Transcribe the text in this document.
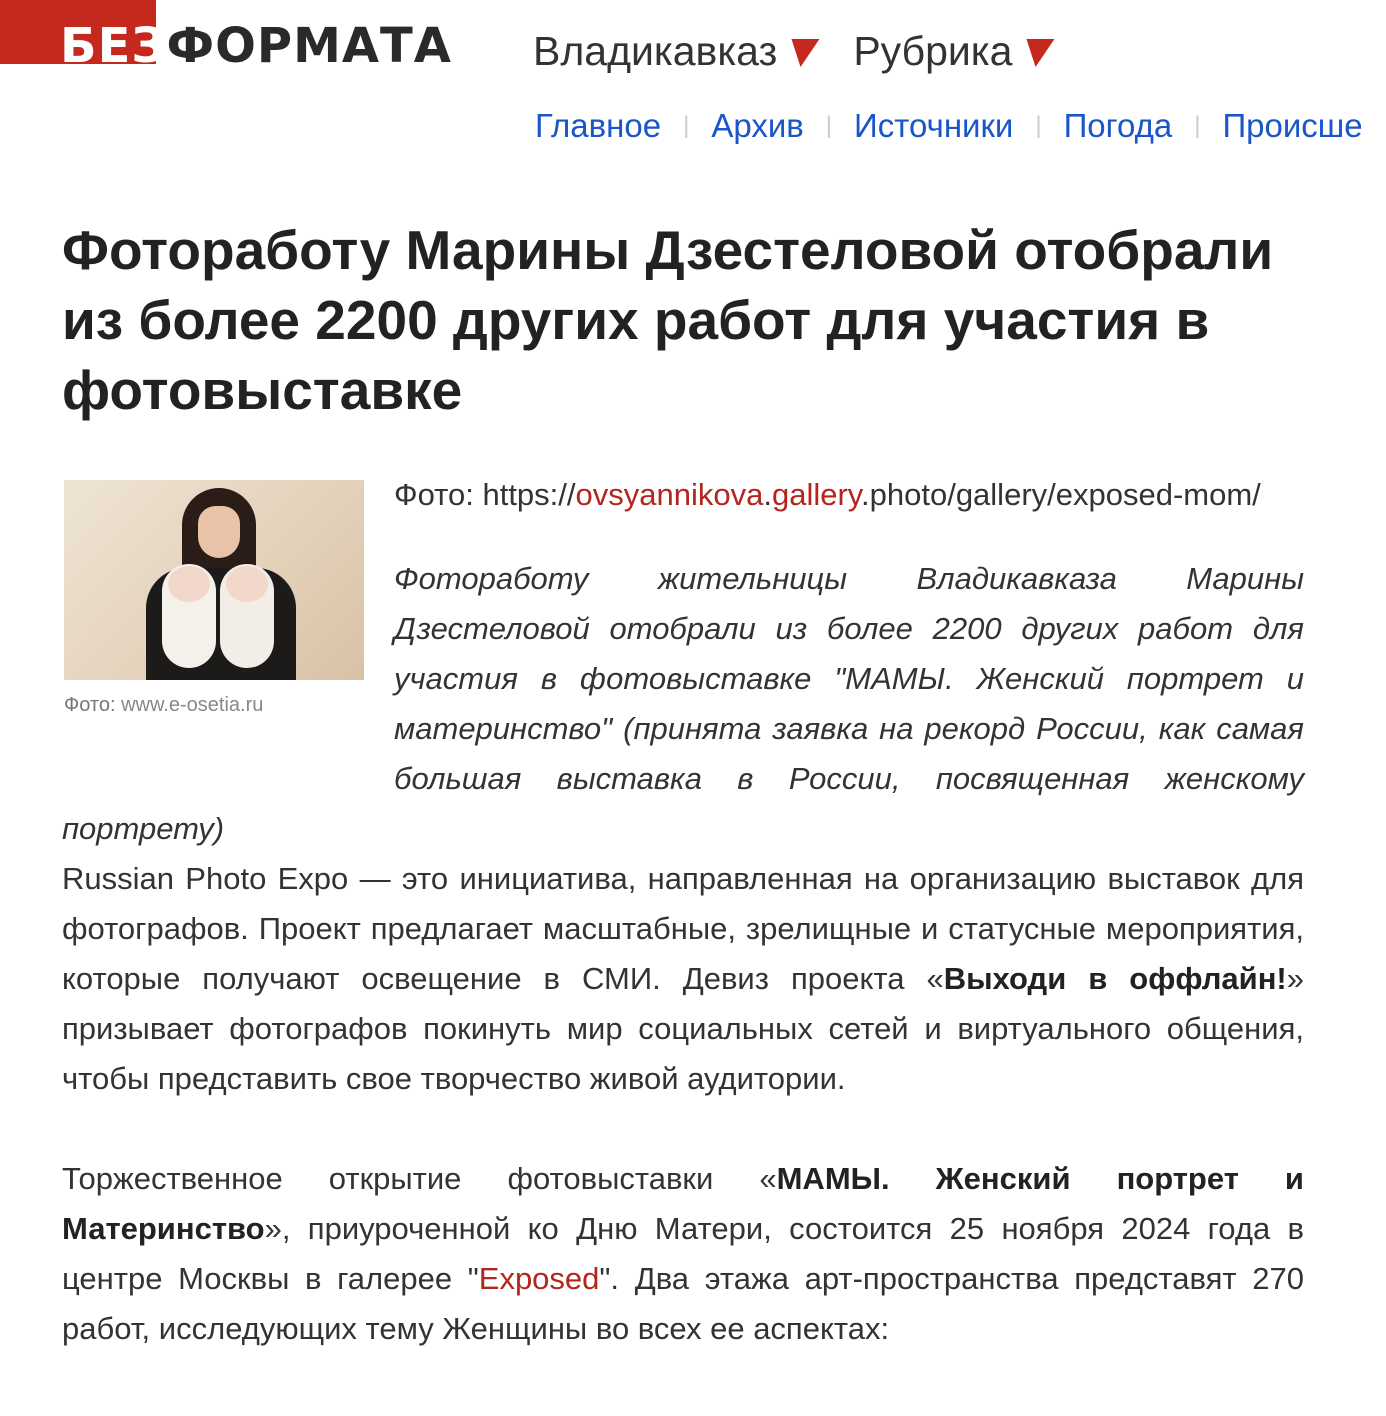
БЕЗФОРМАТА Владикавказ Рубрика
Главное | Архив | Источники | Погода | Происше
Фотоработу Марины Дзестеловой отобрали из более 2200 других работ для участия в фотовыставке
Фото: www.e-osetia.ru

Фото: https://ovsyannikova.gallery.photo/gallery/exposed-mom/

Фотоработу жительницы Владикавказа Марины Дзестеловой отобрали из более 2200 других работ для участия в фотовыставке "МАМЫ. Женский портрет и материнство" (принята заявка на рекорд России, как самая большая выставка в России, посвященная женскому портрету)

Russian Photo Expo — это инициатива, направленная на организацию выставок для фотографов. Проект предлагает масштабные, зрелищные и статусные мероприятия, которые получают освещение в СМИ. Девиз проекта «Выходи в оффлайн!» призывает фотографов покинуть мир социальных сетей и виртуального общения, чтобы представить свое творчество живой аудитории.

Торжественное открытие фотовыставки «МАМЫ. Женский портрет и Материнство», приуроченной ко Дню Матери, состоится 25 ноября 2024 года в центре Москвы в галерее "Exposed". Два этажа арт-пространства представят 270 работ, исследующих тему Женщины во всех ее аспектах:
